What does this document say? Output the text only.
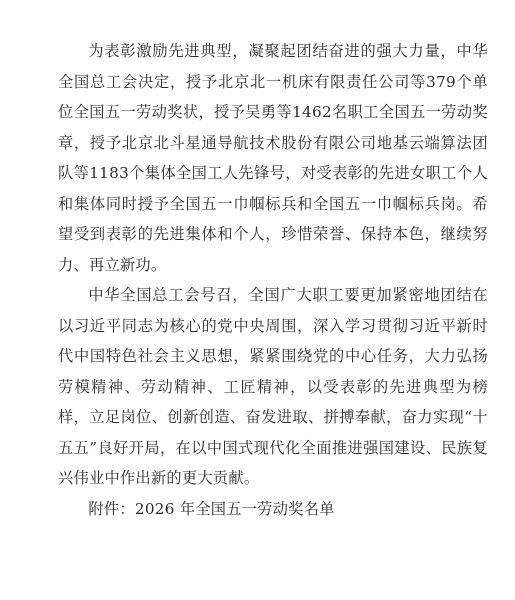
为表彰激励先进典型，凝聚起团结奋进的强大力量，中华全国总工会决定，授予北京北一机床有限责任公司等379个单位全国五一劳动奖状，授予吴勇等1462名职工全国五一劳动奖章，授予北京北斗星通导航技术股份有限公司地基云端算法团队等1183个集体全国工人先锋号，对受表彰的先进女职工个人和集体同时授予全国五一巾帼标兵和全国五一巾帼标兵岗。希望受到表彰的先进集体和个人，珍惜荣誉、保持本色，继续努力、再立新功。

中华全国总工会号召，全国广大职工要更加紧密地团结在以习近平同志为核心的党中央周围，深入学习贯彻习近平新时代中国特色社会主义思想，紧紧围绕党的中心任务，大力弘扬劳模精神、劳动精神、工匠精神，以受表彰的先进典型为榜样，立足岗位、创新创造、奋发进取、拼搏奉献，奋力实现“十五五”良好开局，在以中国式现代化全面推进强国建设、民族复兴伟业中作出新的更大贡献。

附件：2026 年全国五一劳动奖名单
